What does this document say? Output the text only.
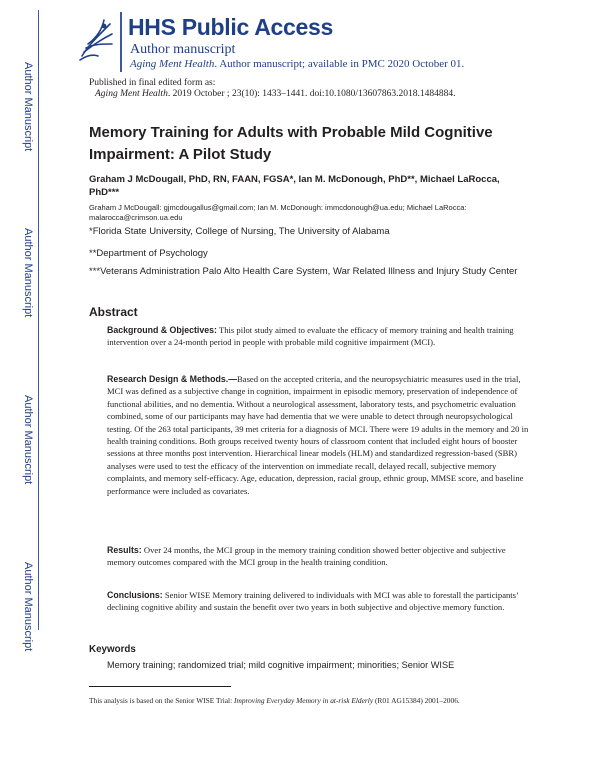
HHS Public Access
Author manuscript
Aging Ment Health. Author manuscript; available in PMC 2020 October 01.
Author Manuscript
Author Manuscript
Author Manuscript
Author Manuscript
Published in final edited form as:
Aging Ment Health. 2019 October ; 23(10): 1433–1441. doi:10.1080/13607863.2018.1484884.
Memory Training for Adults with Probable Mild Cognitive Impairment: A Pilot Study
Graham J McDougall, PhD, RN, FAAN, FGSA*, Ian M. McDonough, PhD**, Michael LaRocca, PhD***
Graham J McDougall: gjmcdougallus@gmail.com; Ian M. McDonough: immcdonough@ua.edu; Michael LaRocca: malarocca@crimson.ua.edu
*Florida State University, College of Nursing, The University of Alabama
**Department of Psychology
***Veterans Administration Palo Alto Health Care System, War Related Illness and Injury Study Center
Abstract
Background & Objectives: This pilot study aimed to evaluate the efficacy of memory training and health training intervention over a 24-month period in people with probable mild cognitive impairment (MCI).
Research Design & Methods.—Based on the accepted criteria, and the neuropsychiatric measures used in the trial, MCI was defined as a subjective change in cognition, impairment in episodic memory, preservation of independence of functional abilities, and no dementia. Without a neurological assessment, laboratory tests, and psychometric evaluation combined, some of our participants may have had dementia that we were unable to detect through neuropsychological testing. Of the 263 total participants, 39 met criteria for a diagnosis of MCI. There were 19 adults in the memory and 20 in health training conditions. Both groups received twenty hours of classroom content that included eight hours of booster sessions at three months post intervention. Hierarchical linear models (HLM) and standardized regression-based (SBR) analyses were used to test the efficacy of the intervention on immediate recall, delayed recall, subjective memory complaints, and memory self-efficacy. Age, education, depression, racial group, ethnic group, MMSE score, and baseline performance were included as covariates.
Results: Over 24 months, the MCI group in the memory training condition showed better objective and subjective memory outcomes compared with the MCI group in the health training condition.
Conclusions: Senior WISE Memory training delivered to individuals with MCI was able to forestall the participants’ declining cognitive ability and sustain the benefit over two years in both subjective and objective memory function.
Keywords
Memory training; randomized trial; mild cognitive impairment; minorities; Senior WISE
This analysis is based on the Senior WISE Trial: Improving Everyday Memory in at-risk Elderly (R01 AG15384) 2001–2006.
